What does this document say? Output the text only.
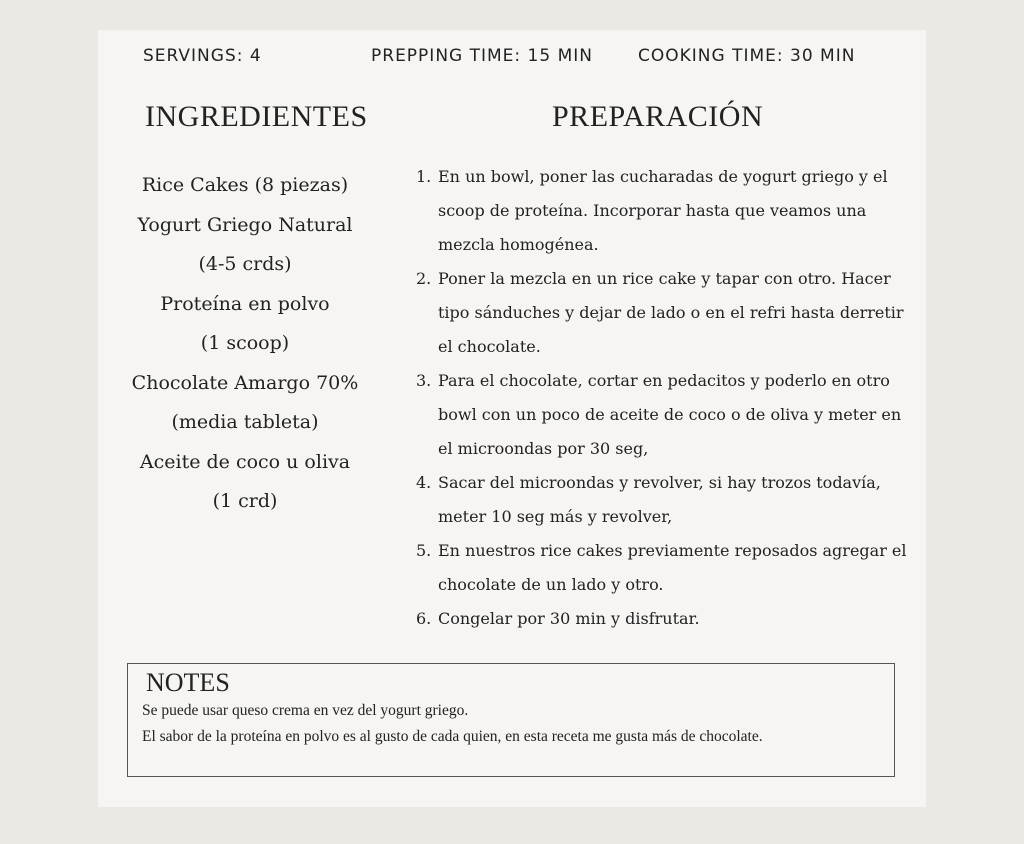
SERVINGS: 4	PREPPING TIME: 15 MIN	COOKING TIME: 30 MIN
INGREDIENTES	PREPARACIÓN
Rice Cakes (8 piezas)
Yogurt Griego Natural
(4-5 crds)
Proteína en polvo
(1 scoop)
Chocolate Amargo 70%
(media tableta)
Aceite de coco u oliva
(1 crd)
1. En un bowl, poner las cucharadas de yogurt griego y el scoop de proteína. Incorporar hasta que veamos una mezcla homogénea.
2. Poner la mezcla en un rice cake y tapar con otro. Hacer tipo sánduches y dejar de lado o en el refri hasta derretir el chocolate.
3. Para el chocolate, cortar en pedacitos y poderlo en otro bowl con un poco de aceite de coco o de oliva y meter en el microondas por 30 seg,
4. Sacar del microondas y revolver, si hay trozos todavía, meter 10 seg más y revolver,
5. En nuestros rice cakes previamente reposados agregar el chocolate de un lado y otro.
6. Congelar por 30 min y disfrutar.
NOTES
Se puede usar queso crema en vez del yogurt griego.
El sabor de la proteína en polvo es al gusto de cada quien, en esta receta me gusta más de chocolate.
